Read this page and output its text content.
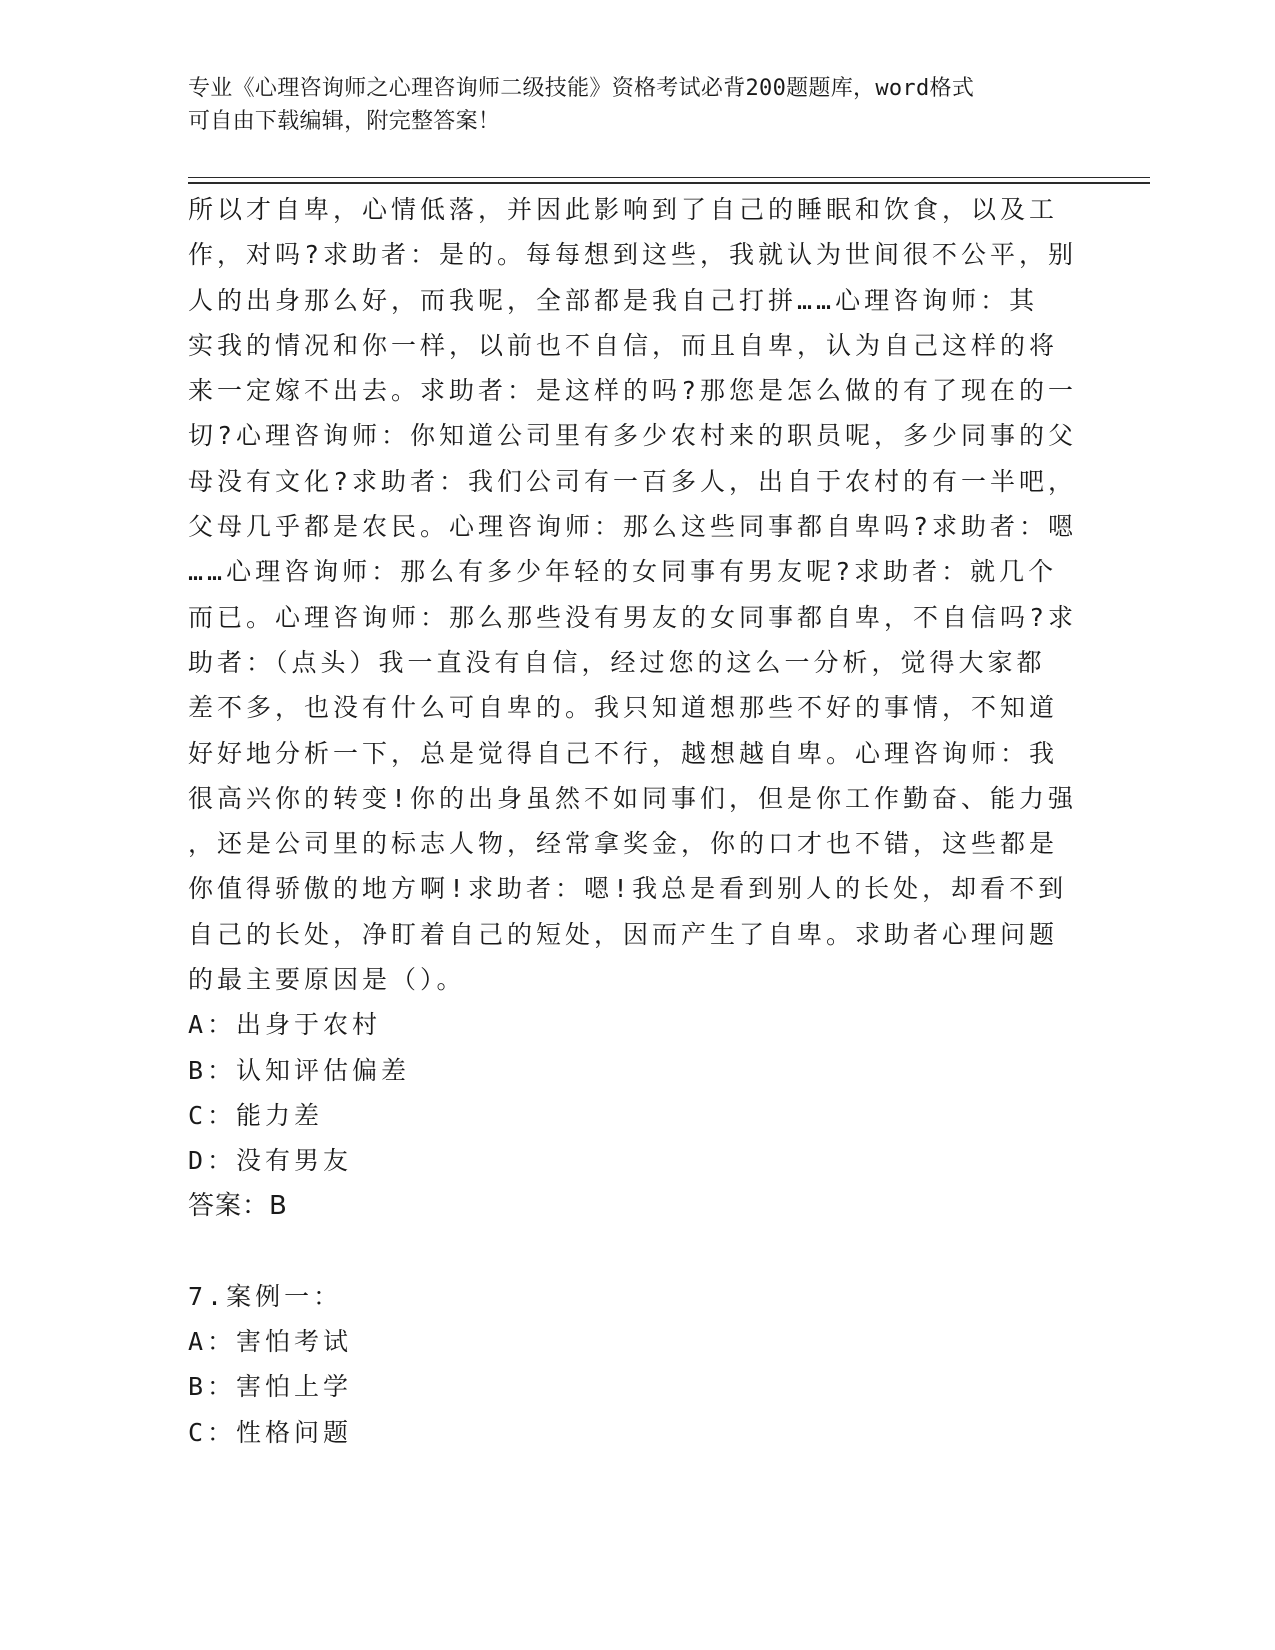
专业《心理咨询师之心理咨询师二级技能》资格考试必背200题题库，word格式
可自由下载编辑，附完整答案！
所以才自卑，心情低落，并因此影响到了自己的睡眠和饮食，以及工
作，对吗?求助者：是的。每每想到这些，我就认为世间很不公平，别
人的出身那么好，而我呢，全部都是我自己打拼……心理咨询师：其
实我的情况和你一样，以前也不自信，而且自卑，认为自己这样的将
来一定嫁不出去。求助者：是这样的吗?那您是怎么做的有了现在的一
切?心理咨询师：你知道公司里有多少农村来的职员呢，多少同事的父
母没有文化?求助者：我们公司有一百多人，出自于农村的有一半吧，
父母几乎都是农民。心理咨询师：那么这些同事都自卑吗?求助者：嗯
……心理咨询师：那么有多少年轻的女同事有男友呢?求助者：就几个
而已。心理咨询师：那么那些没有男友的女同事都自卑，不自信吗?求
助者：（点头）我一直没有自信，经过您的这么一分析，觉得大家都
差不多，也没有什么可自卑的。我只知道想那些不好的事情，不知道
好好地分析一下，总是觉得自己不行，越想越自卑。心理咨询师：我
很高兴你的转变!你的出身虽然不如同事们，但是你工作勤奋、能力强
，还是公司里的标志人物，经常拿奖金，你的口才也不错，这些都是
你值得骄傲的地方啊!求助者：嗯!我总是看到别人的长处，却看不到
自己的长处，净盯着自己的短处，因而产生了自卑。求助者心理问题
的最主要原因是（）。
A：出身于农村
B：认知评估偏差
C：能力差
D：没有男友
答案：B
7.案例一：
A：害怕考试
B：害怕上学
C：性格问题
